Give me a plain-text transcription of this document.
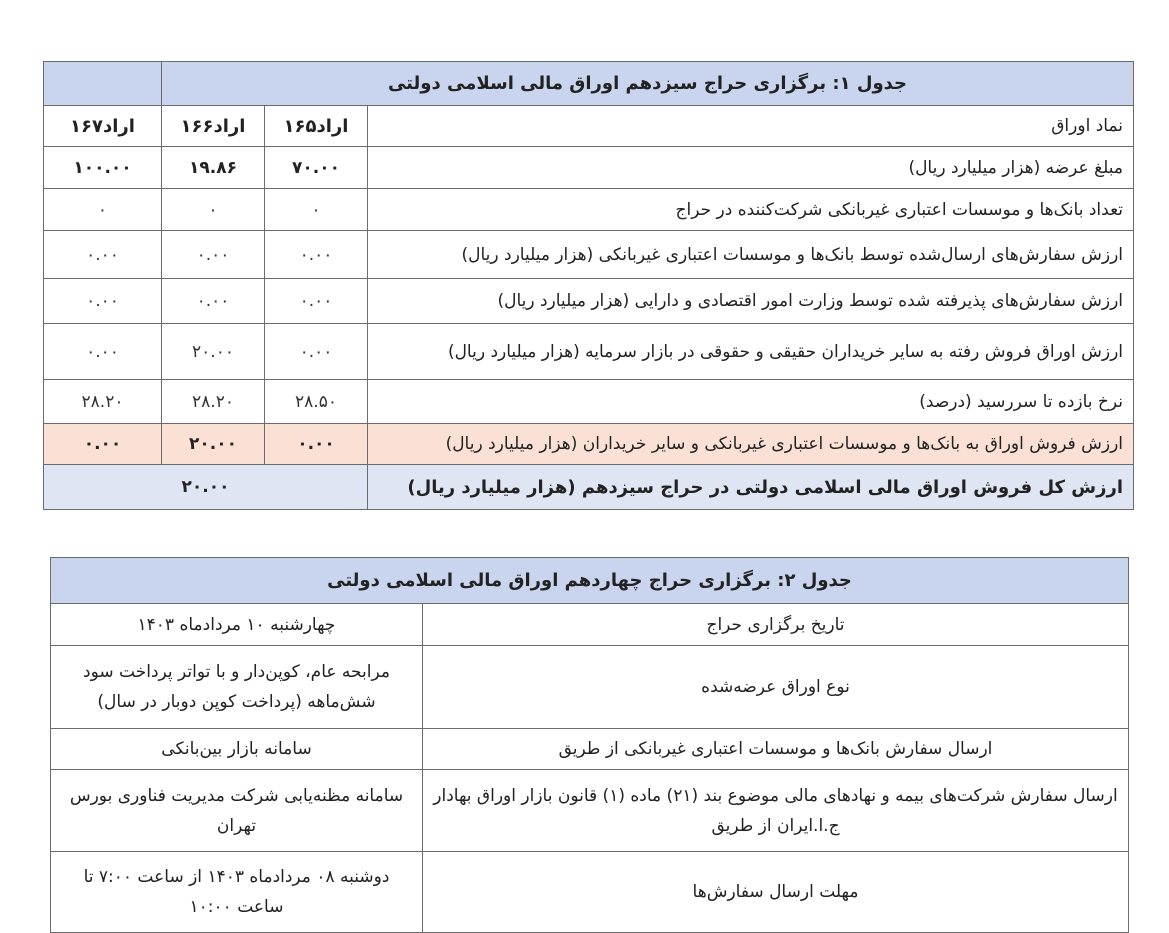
	جدول ۱: برگزاری حراج سیزدهم اوراق مالی اسلامی دولتی		
اراد۱۶۷	اراد۱۶۶	اراد۱۶۵	نماد اوراق
۱۰۰.۰۰	۱۹.۸۶	۷۰.۰۰	مبلغ عرضه (هزار میلیارد ریال)
۰	۰	۰	تعداد بانک‌ها و موسسات اعتباری غیربانکی شرکت‌کننده در حراج
۰.۰۰	۰.۰۰	۰.۰۰	ارزش سفارش‌های ارسال‌شده توسط بانک‌ها و موسسات اعتباری غیربانکی (هزار میلیارد ریال)
۰.۰۰	۰.۰۰	۰.۰۰	ارزش سفارش‌های پذیرفته شده توسط وزارت امور اقتصادی و دارایی (هزار میلیارد ریال)
۰.۰۰	۲۰.۰۰	۰.۰۰	ارزش اوراق فروش رفته به سایر خریداران حقیقی و حقوقی در بازار سرمایه (هزار میلیارد ریال)
۲۸.۲۰	۲۸.۲۰	۲۸.۵۰	نرخ بازده تا سررسید (درصد)
۰.۰۰	۲۰.۰۰	۰.۰۰	ارزش فروش اوراق به بانک‌ها و موسسات اعتباری غیربانکی و سایر خریداران (هزار میلیارد ریال)
۲۰.۰۰			ارزش کل فروش اوراق مالی اسلامی دولتی در حراج سیزدهم (هزار میلیارد ریال)
جدول ۲: برگزاری حراج چهاردهم اوراق مالی اسلامی دولتی	
چهارشنبه ۱۰ مردادماه ۱۴۰۳	تاریخ برگزاری حراج
مرابحه عام، کوپن‌دار و با تواتر پرداخت سود شش‌ماهه (پرداخت کوپن دوبار در سال)	نوع اوراق عرضه‌شده
سامانه بازار بین‌بانکی	ارسال سفارش بانک‌ها و موسسات اعتباری غیربانکی از طریق
سامانه مظنه‌یابی شرکت مدیریت فناوری بورس تهران	ارسال سفارش شرکت‌های بیمه و نهادهای مالی موضوع بند (۲۱) ماده (۱) قانون بازار اوراق بهادار ج.ا.ایران از طریق
دوشنبه ۰۸ مردادماه ۱۴۰۳ از ساعت ۷:۰۰ تا ساعت ۱۰:۰۰	مهلت ارسال سفارش‌ها
